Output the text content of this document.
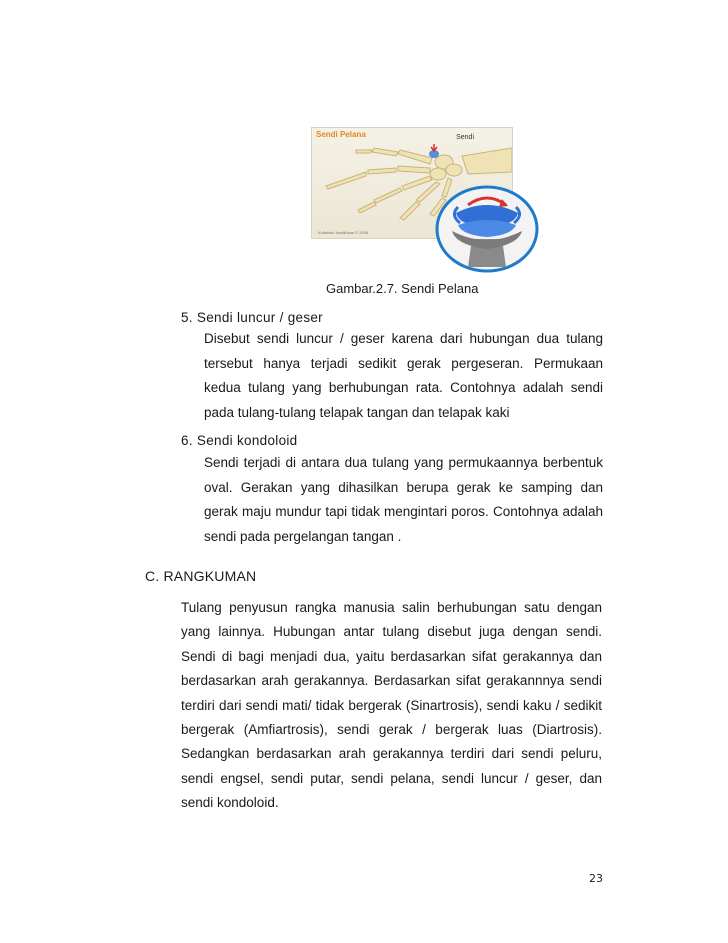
Sendi Pelana	Sendi
Kollektoh Kepilihkan © 2006
Gambar.2.7. Sendi Pelana
5. Sendi luncur / geser
Disebut sendi luncur / geser karena dari hubungan dua tulang
tersebut hanya terjadi sedikit gerak pergeseran. Permukaan
kedua tulang yang berhubungan rata. Contohnya adalah sendi
pada tulang-tulang telapak tangan dan telapak kaki
6. Sendi kondoloid
Sendi terjadi di antara dua tulang yang permukaannya berbentuk
oval. Gerakan yang dihasilkan berupa gerak ke samping dan
gerak maju mundur tapi tidak mengintari poros. Contohnya adalah
sendi pada pergelangan tangan .
C. RANGKUMAN
Tulang penyusun rangka manusia salin berhubungan satu dengan
yang lainnya. Hubungan antar tulang disebut juga dengan sendi.
Sendi di bagi menjadi dua, yaitu berdasarkan sifat gerakannya dan
berdasarkan arah gerakannya. Berdasarkan sifat gerakannnya sendi
terdiri dari sendi mati/ tidak bergerak (Sinartrosis), sendi kaku / sedikit
bergerak (Amfiartrosis), sendi gerak / bergerak luas (Diartrosis).
Sedangkan berdasarkan arah gerakannya terdiri dari sendi peluru,
sendi engsel, sendi putar, sendi pelana, sendi luncur / geser, dan
sendi kondoloid.
23
